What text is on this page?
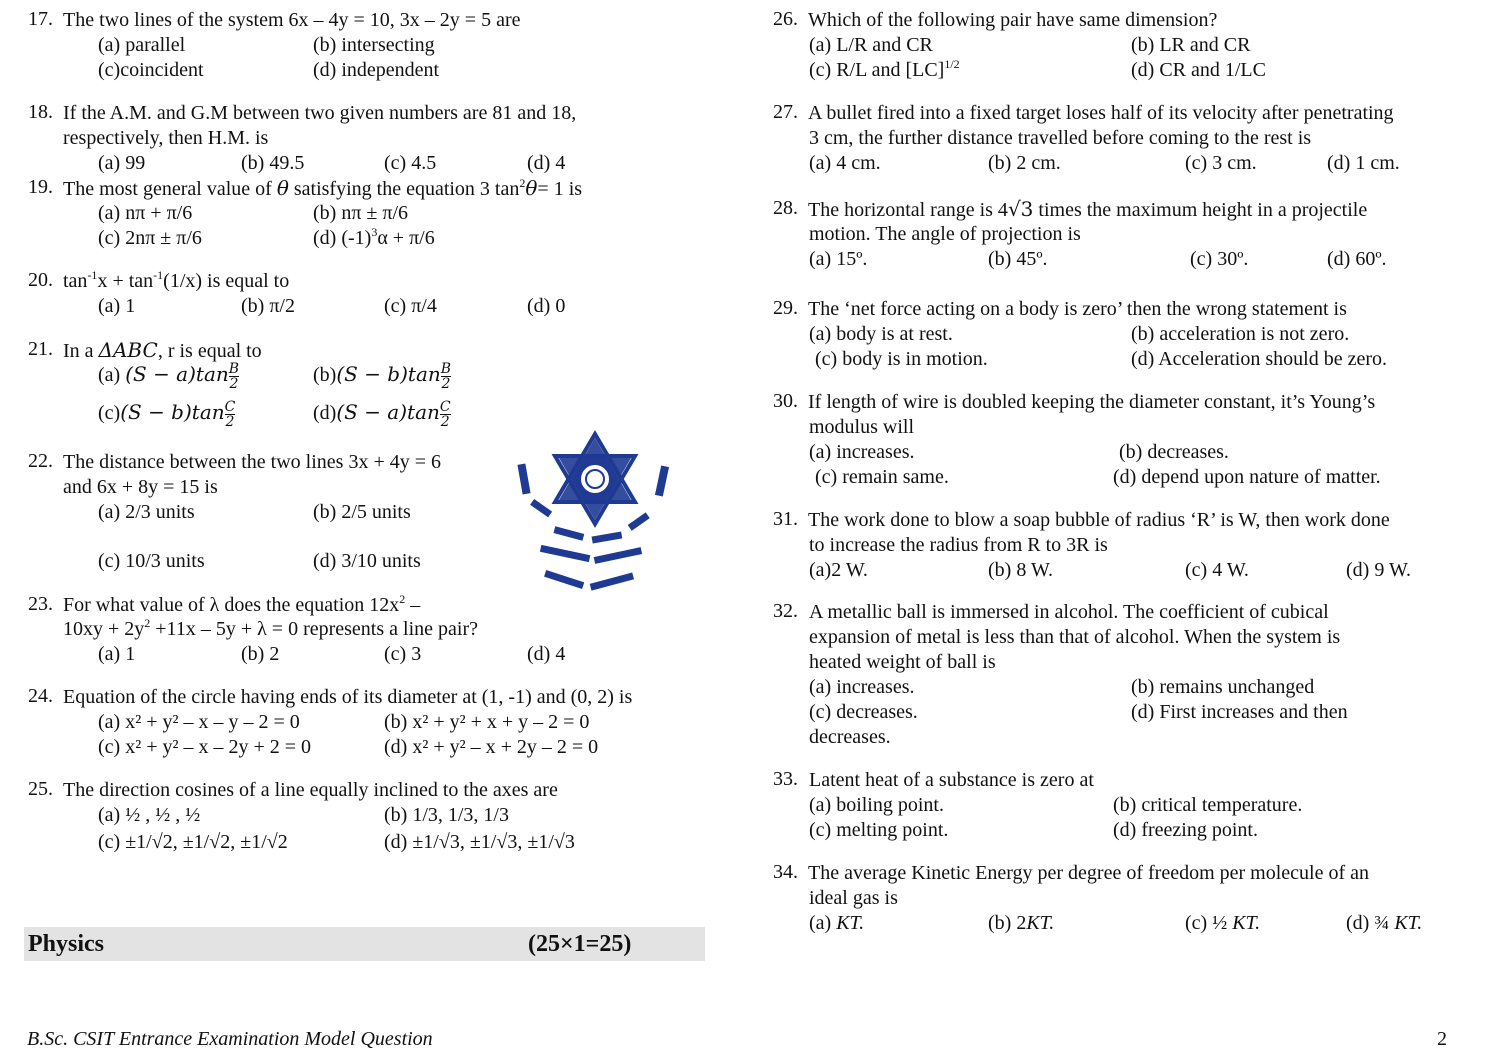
17. The two lines of the system 6x – 4y = 10, 3x – 2y = 5 are
(a) parallel	(b) intersecting
(c)coincident	(d) independent
18. If the A.M. and G.M between two given numbers are 81 and 18,
respectively, then H.M. is
(a) 99	(b) 49.5	(c) 4.5	(d) 4
19. The most general value of θ satisfying the equation 3 $\tan^2\theta= 1$ is
(a) nπ + π/6	(b) nπ ± π/6
(c) 2nπ ± π/6	(d) $(-1)^3\alpha + \pi/6$
20. $\tan^{-1}x + \tan^{-1}(1/x)$ is equal to
(a) 1	(b) π/2	(c) π/4	(d) 0
21. In a ΔABC, r is equal to
(a) $(S - a)\tan \frac{B}{2}$	$(b)(S - b)\tan \frac{B}{2}$
$(c)(S - b)\tan \frac{C}{2}$	$(d)(S - a)\tan \frac{C}{2}$
22. The distance between the two lines 3x + 4y = 6
and 6x + 8y = 15 is
(a) 2/3 units	(b) 2/5 units
(c) 10/3 units	(d) 3/10 units
23. For what value of λ does the equation $12x^2$ –
$10xy + 2y^2 +11x - 5y + \lambda = 0$ represents a line pair?
(a) 1	(b) 2	(c) 3	(d) 4
24. Equation of the circle having ends of its diameter at (1, -1) and (0, 2) is
(a) x² + y² – x – y – 2 = 0	(b) x² + y² + x + y – 2 = 0
(c) x² + y² – x – 2y + 2 = 0	(d) x² + y² – x + 2y – 2 = 0
25. The direction cosines of a line equally inclined to the axes are
(a) ½ , ½ , ½	(b) 1/3, 1/3, 1/3
(c) ±1/√2, ±1/√2, ±1/√2	(d) ±1/√3, ±1/√3, ±1/√3
Physics	(25×1=25)
26. Which of the following pair have same dimension?
(a) L/R and CR	(b) LR and CR
(c) R/L and [LC]$^{1/2}$	(d) CR and 1/LC
27. A bullet fired into a fixed target loses half of its velocity after penetrating
3 cm, the further distance travelled before coming to the rest is
(a) 4 cm.	(b) 2 cm.	(c) 3 cm.	(d) 1 cm.
28. The horizontal range is 4√3 times the maximum height in a projectile
motion. The angle of projection is
(a) 15º.	(b) 45º.	(c) 30º.	(d) 60º.
29. The ‘net force acting on a body is zero’ then the wrong statement is
(a) body is at rest.	(b) acceleration is not zero.
(c) body is in motion.	(d) Acceleration should be zero.
30. If length of wire is doubled keeping the diameter constant, it’s Young’s
modulus will
(a) increases.	(b) decreases.
(c) remain same.	(d) depend upon nature of matter.
31. The work done to blow a soap bubble of radius ‘R’ is W, then work done
to increase the radius from R to 3R is
(a)2 W.	(b) 8 W.	(c) 4 W.	(d) 9 W.
32. A metallic ball is immersed in alcohol. The coefficient of cubical
expansion of metal is less than that of alcohol. When the system is
heated weight of ball is
(a) increases.	(b) remains unchanged
(c) decreases.	(d) First increases and then
decreases.
33. Latent heat of a substance is zero at
(a) boiling point.	(b) critical temperature.
(c) melting point.	(d) freezing point.
34. The average Kinetic Energy per degree of freedom per molecule of an
ideal gas is
(a) KT.	(b) 2KT.	(c) ½ KT.	(d) ¾ KT.
B.Sc. CSIT Entrance Examination Model Question	2
